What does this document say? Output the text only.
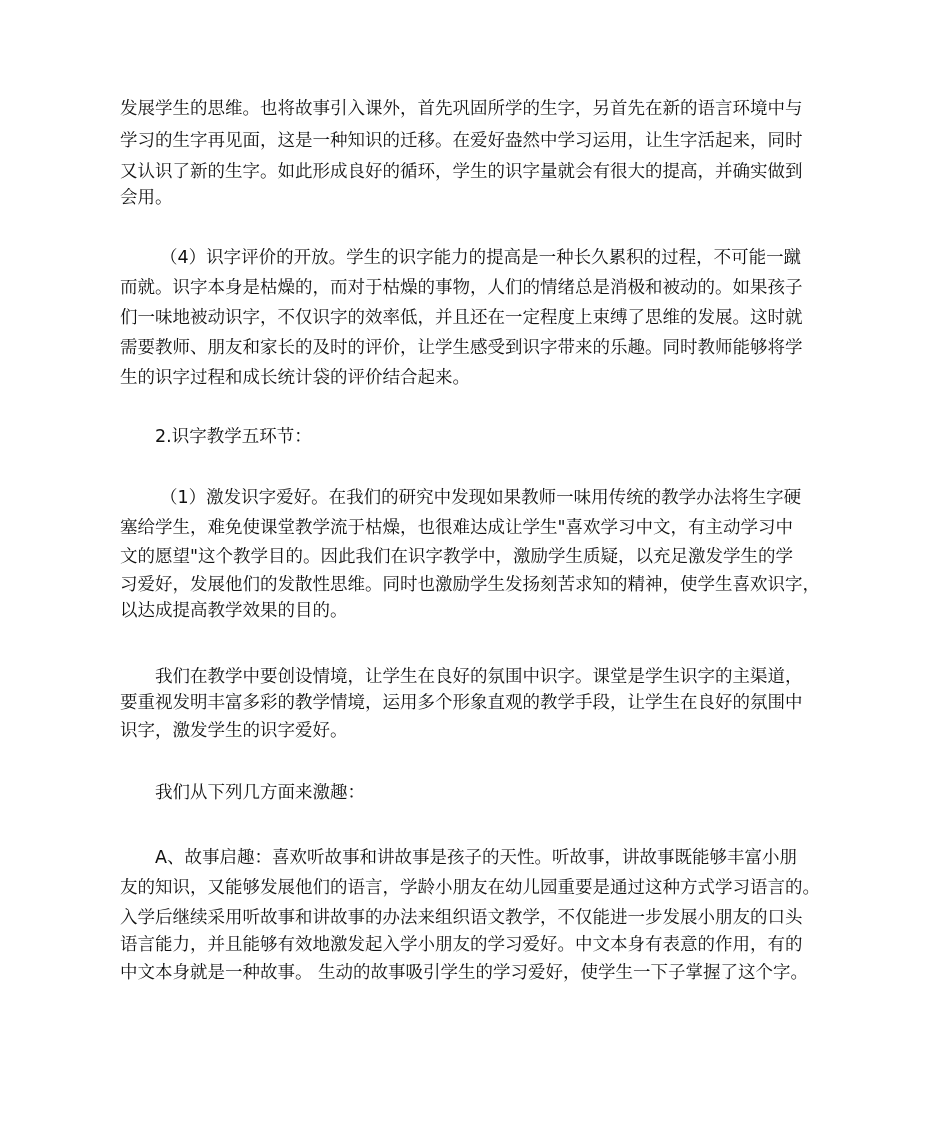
发展学生的思维。也将故事引入课外，首先巩固所学的生字，另首先在新的语言环境中与
学习的生字再见面，这是一种知识的迁移。在爱好盎然中学习运用，让生字活起来，同时
又认识了新的生字。如此形成良好的循环，学生的识字量就会有很大的提高，并确实做到
会用。
（4）识字评价的开放。学生的识字能力的提高是一种长久累积的过程，不可能一蹴
而就。识字本身是枯燥的，而对于枯燥的事物，人们的情绪总是消极和被动的。如果孩子
们一味地被动识字，不仅识字的效率低，并且还在一定程度上束缚了思维的发展。这时就
需要教师、朋友和家长的及时的评价，让学生感受到识字带来的乐趣。同时教师能够将学
生的识字过程和成长统计袋的评价结合起来。
2.识字教学五环节：
（1）激发识字爱好。在我们的研究中发现如果教师一味用传统的教学办法将生字硬
塞给学生，难免使课堂教学流于枯燥，也很难达成让学生"喜欢学习中文，有主动学习中
文的愿望"这个教学目的。因此我们在识字教学中，激励学生质疑，以充足激发学生的学
习爱好，发展他们的发散性思维。同时也激励学生发扬刻苦求知的精神，使学生喜欢识字，
以达成提高教学效果的目的。
我们在教学中要创设情境，让学生在良好的氛围中识字。课堂是学生识字的主渠道，
要重视发明丰富多彩的教学情境，运用多个形象直观的教学手段，让学生在良好的氛围中
识字，激发学生的识字爱好。
我们从下列几方面来激趣：
A、故事启趣：喜欢听故事和讲故事是孩子的天性。听故事，讲故事既能够丰富小朋
友的知识，又能够发展他们的语言，学龄小朋友在幼儿园重要是通过这种方式学习语言的。
入学后继续采用听故事和讲故事的办法来组织语文教学，不仅能进一步发展小朋友的口头
语言能力，并且能够有效地激发起入学小朋友的学习爱好。中文本身有表意的作用，有的
中文本身就是一种故事。 生动的故事吸引学生的学习爱好，使学生一下子掌握了这个字。
